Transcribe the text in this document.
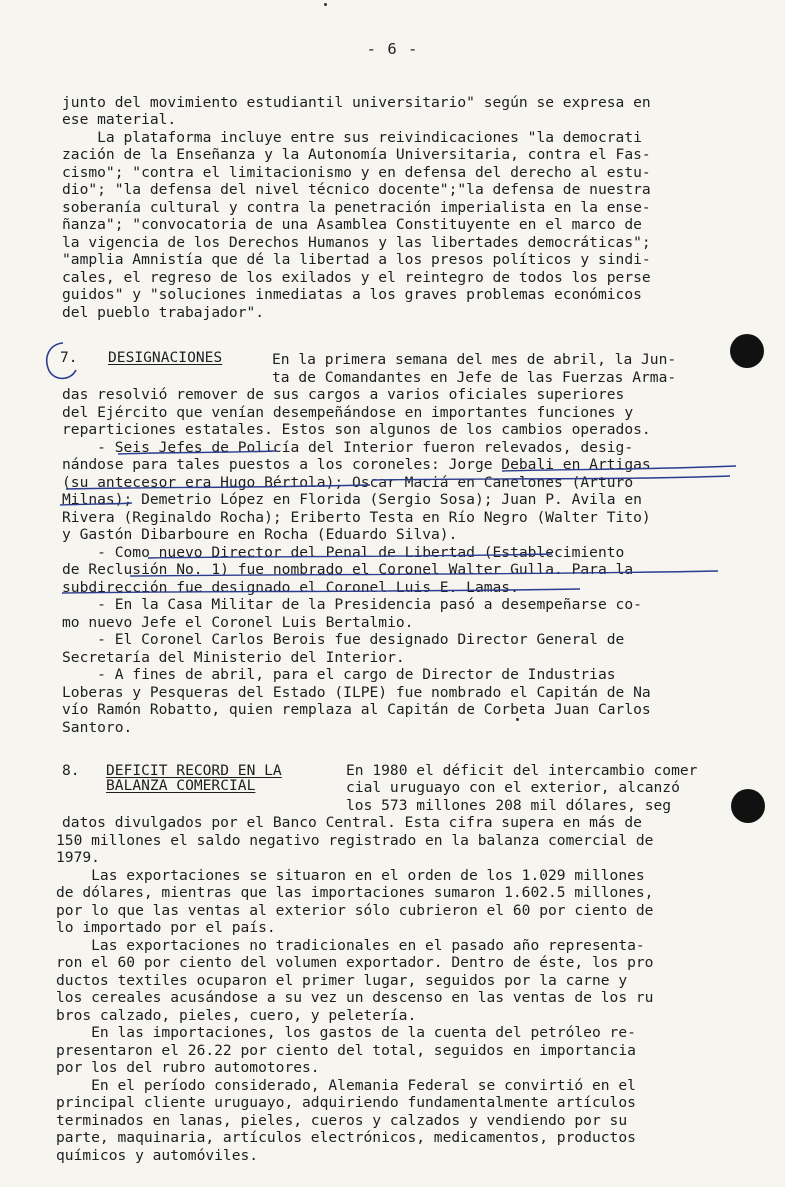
- 6 -
junto del movimiento estudiantil universitario" según se expresa en
ese material.
La plataforma incluye entre sus reivindicaciones "la democrati
zación de la Enseñanza y la Autonomía Universitaria, contra el Fas-
cismo"; "contra el limitacionismo y en defensa del derecho al estu-
dio"; "la defensa del nivel técnico docente";"la defensa de nuestra
soberanía cultural y contra la penetración imperialista en la ense-
ñanza"; "convocatoria de una Asamblea Constituyente en el marco de
la vigencia de los Derechos Humanos y las libertades democráticas";
"amplia Amnistía que dé la libertad a los presos políticos y sindi-
cales, el regreso de los exilados y el reintegro de todos los perse
guidos" y "soluciones inmediatas a los graves problemas económicos
del pueblo trabajador".
7. DESIGNACIONES	En la primera semana del mes de abril, la Jun-
ta de Comandantes en Jefe de las Fuerzas Arma-
das resolvió remover de sus cargos a varios oficiales superiores
del Ejército que venían desempeñándose en importantes funciones y
reparticiones estatales. Estos son algunos de los cambios operados.
- Seis Jefes de Policía del Interior fueron relevados, desig-
nándose para tales puestos a los coroneles: Jorge Debali en Artigas
(su antecesor era Hugo Bértola); Oscar Maciá en Canelones (Arturo
Milnas); Demetrio López en Florida (Sergio Sosa); Juan P. Avila en
Rivera (Reginaldo Rocha); Eriberto Testa en Río Negro (Walter Tito)
y Gastón Dibarboure en Rocha (Eduardo Silva).
- Como nuevo Director del Penal de Libertad (Establecimiento
de Reclusión No. 1) fue nombrado el Coronel Walter Gulla. Para la
subdirección fue designado el Coronel Luis E. Lamas.
- En la Casa Militar de la Presidencia pasó a desempeñarse co-
mo nuevo Jefe el Coronel Luis Bertalmio.
- El Coronel Carlos Berois fue designado Director General de
Secretaría del Ministerio del Interior.
- A fines de abril, para el cargo de Director de Industrias
Loberas y Pesqueras del Estado (ILPE) fue nombrado el Capitán de Na
vío Ramón Robatto, quien remplaza al Capitán de Corbeta Juan Carlos
Santoro.
8. DEFICIT RECORD EN LA
BALANZA COMERCIAL
En 1980 el déficit del intercambio comer
cial uruguayo con el exterior, alcanzó
los 573 millones 208 mil dólares, seg
datos divulgados por el Banco Central. Esta cifra supera en más de
150 millones el saldo negativo registrado en la balanza comercial de
1979.
Las exportaciones se situaron en el orden de los 1.029 millones
de dólares, mientras que las importaciones sumaron 1.602.5 millones,
por lo que las ventas al exterior sólo cubrieron el 60 por ciento de
lo importado por el país.
Las exportaciones no tradicionales en el pasado año representa-
ron el 60 por ciento del volumen exportador. Dentro de éste, los pro
ductos textiles ocuparon el primer lugar, seguidos por la carne y
los cereales acusándose a su vez un descenso en las ventas de los ru
bros calzado, pieles, cuero, y peletería.
En las importaciones, los gastos de la cuenta del petróleo re-
presentaron el 26.22 por ciento del total, seguidos en importancia
por los del rubro automotores.
En el período considerado, Alemania Federal se convirtió en el
principal cliente uruguayo, adquiriendo fundamentalmente artículos
terminados en lanas, pieles, cueros y calzados y vendiendo por su
parte, maquinaria, artículos electrónicos, medicamentos, productos
químicos y automóviles.
